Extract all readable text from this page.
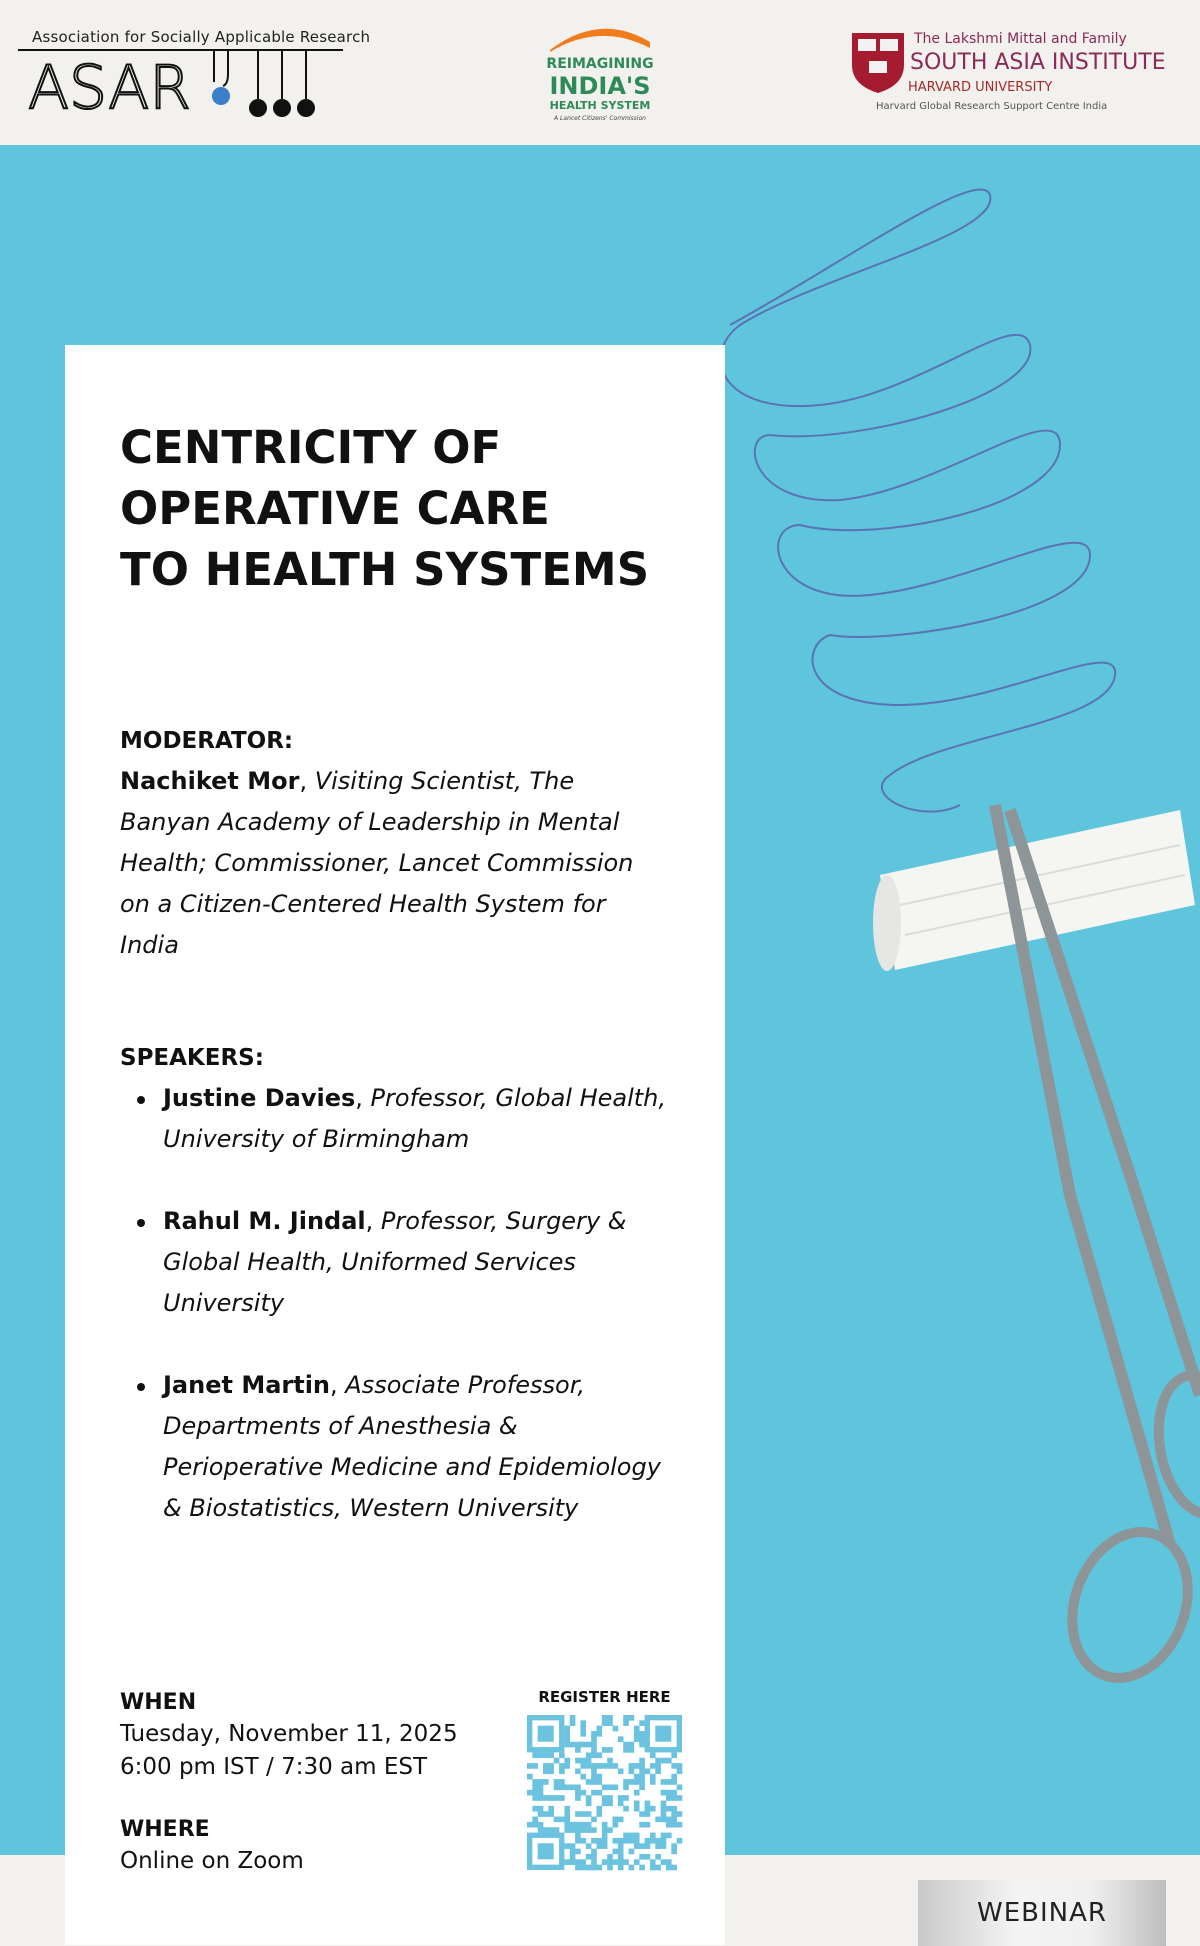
Association for Socially Applicable Research
ASAR	REIMAGINING
INDIA'S
HEALTH SYSTEM
A Lancet Citizens' Commission
The Lakshmi Mittal and Family
SOUTH ASIA INSTITUTE
HARVARD UNIVERSITY
Harvard Global Research Support Centre India
CENTRICITY OF
OPERATIVE CARE
TO HEALTH SYSTEMS
MODERATOR:
Nachiket Mor, Visiting Scientist, The Banyan Academy of Leadership in Mental Health; Commissioner, Lancet Commission on a Citizen-Centered Health System for India
SPEAKERS:
Justine Davies, Professor, Global Health, University of Birmingham
Rahul M. Jindal, Professor, Surgery & Global Health, Uniformed Services University
Janet Martin, Associate Professor, Departments of Anesthesia & Perioperative Medicine and Epidemiology & Biostatistics, Western University
WHEN
Tuesday, November 11, 2025
6:00 pm IST / 7:30 am EST
WHERE
Online on Zoom
REGISTER HERE
WEBINAR
